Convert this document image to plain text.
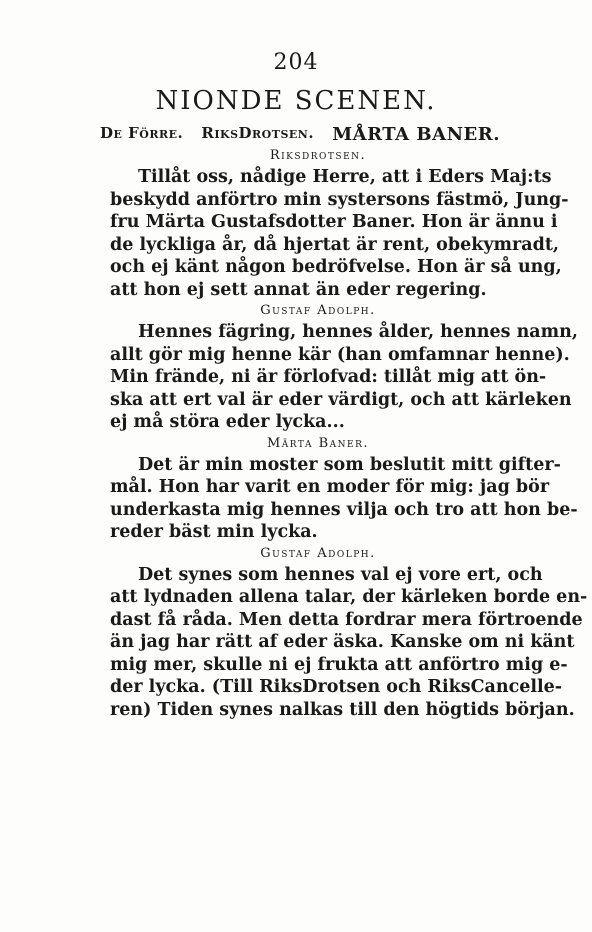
204
NIONDE SCENEN.
De Förre. RiksDrotsen. MÅRTA BANER.
Riksdrotsen.
Tillåt oss, nådige Herre, att i Eders Maj:ts
beskydd anförtro min systersons fästmö, Jung-
fru Märta Gustafsdotter Baner. Hon är ännu i
de lyckliga år, då hjertat är rent, obekymradt,
och ej känt någon bedröfvelse. Hon är så ung,
att hon ej sett annat än eder regering.
Gustaf Adolph.
Hennes fägring, hennes ålder, hennes namn,
allt gör mig henne kär (han omfamnar henne).
Min frände, ni är förlofvad: tillåt mig att ön-
ska att ert val är eder värdigt, och att kärleken
ej må störa eder lycka...
Märta Baner.
Det är min moster som beslutit mitt gifter-
mål. Hon har varit en moder för mig: jag bör
underkasta mig hennes vilja och tro att hon be-
reder bäst min lycka.
Gustaf Adolph.
Det synes som hennes val ej vore ert, och
att lydnaden allena talar, der kärleken borde en-
dast få råda. Men detta fordrar mera förtroende
än jag har rätt af eder äska. Kanske om ni känt
mig mer, skulle ni ej frukta att anförtro mig e-
der lycka. (Till RiksDrotsen och RiksCancelle-
ren) Tiden synes nalkas till den högtids början.
